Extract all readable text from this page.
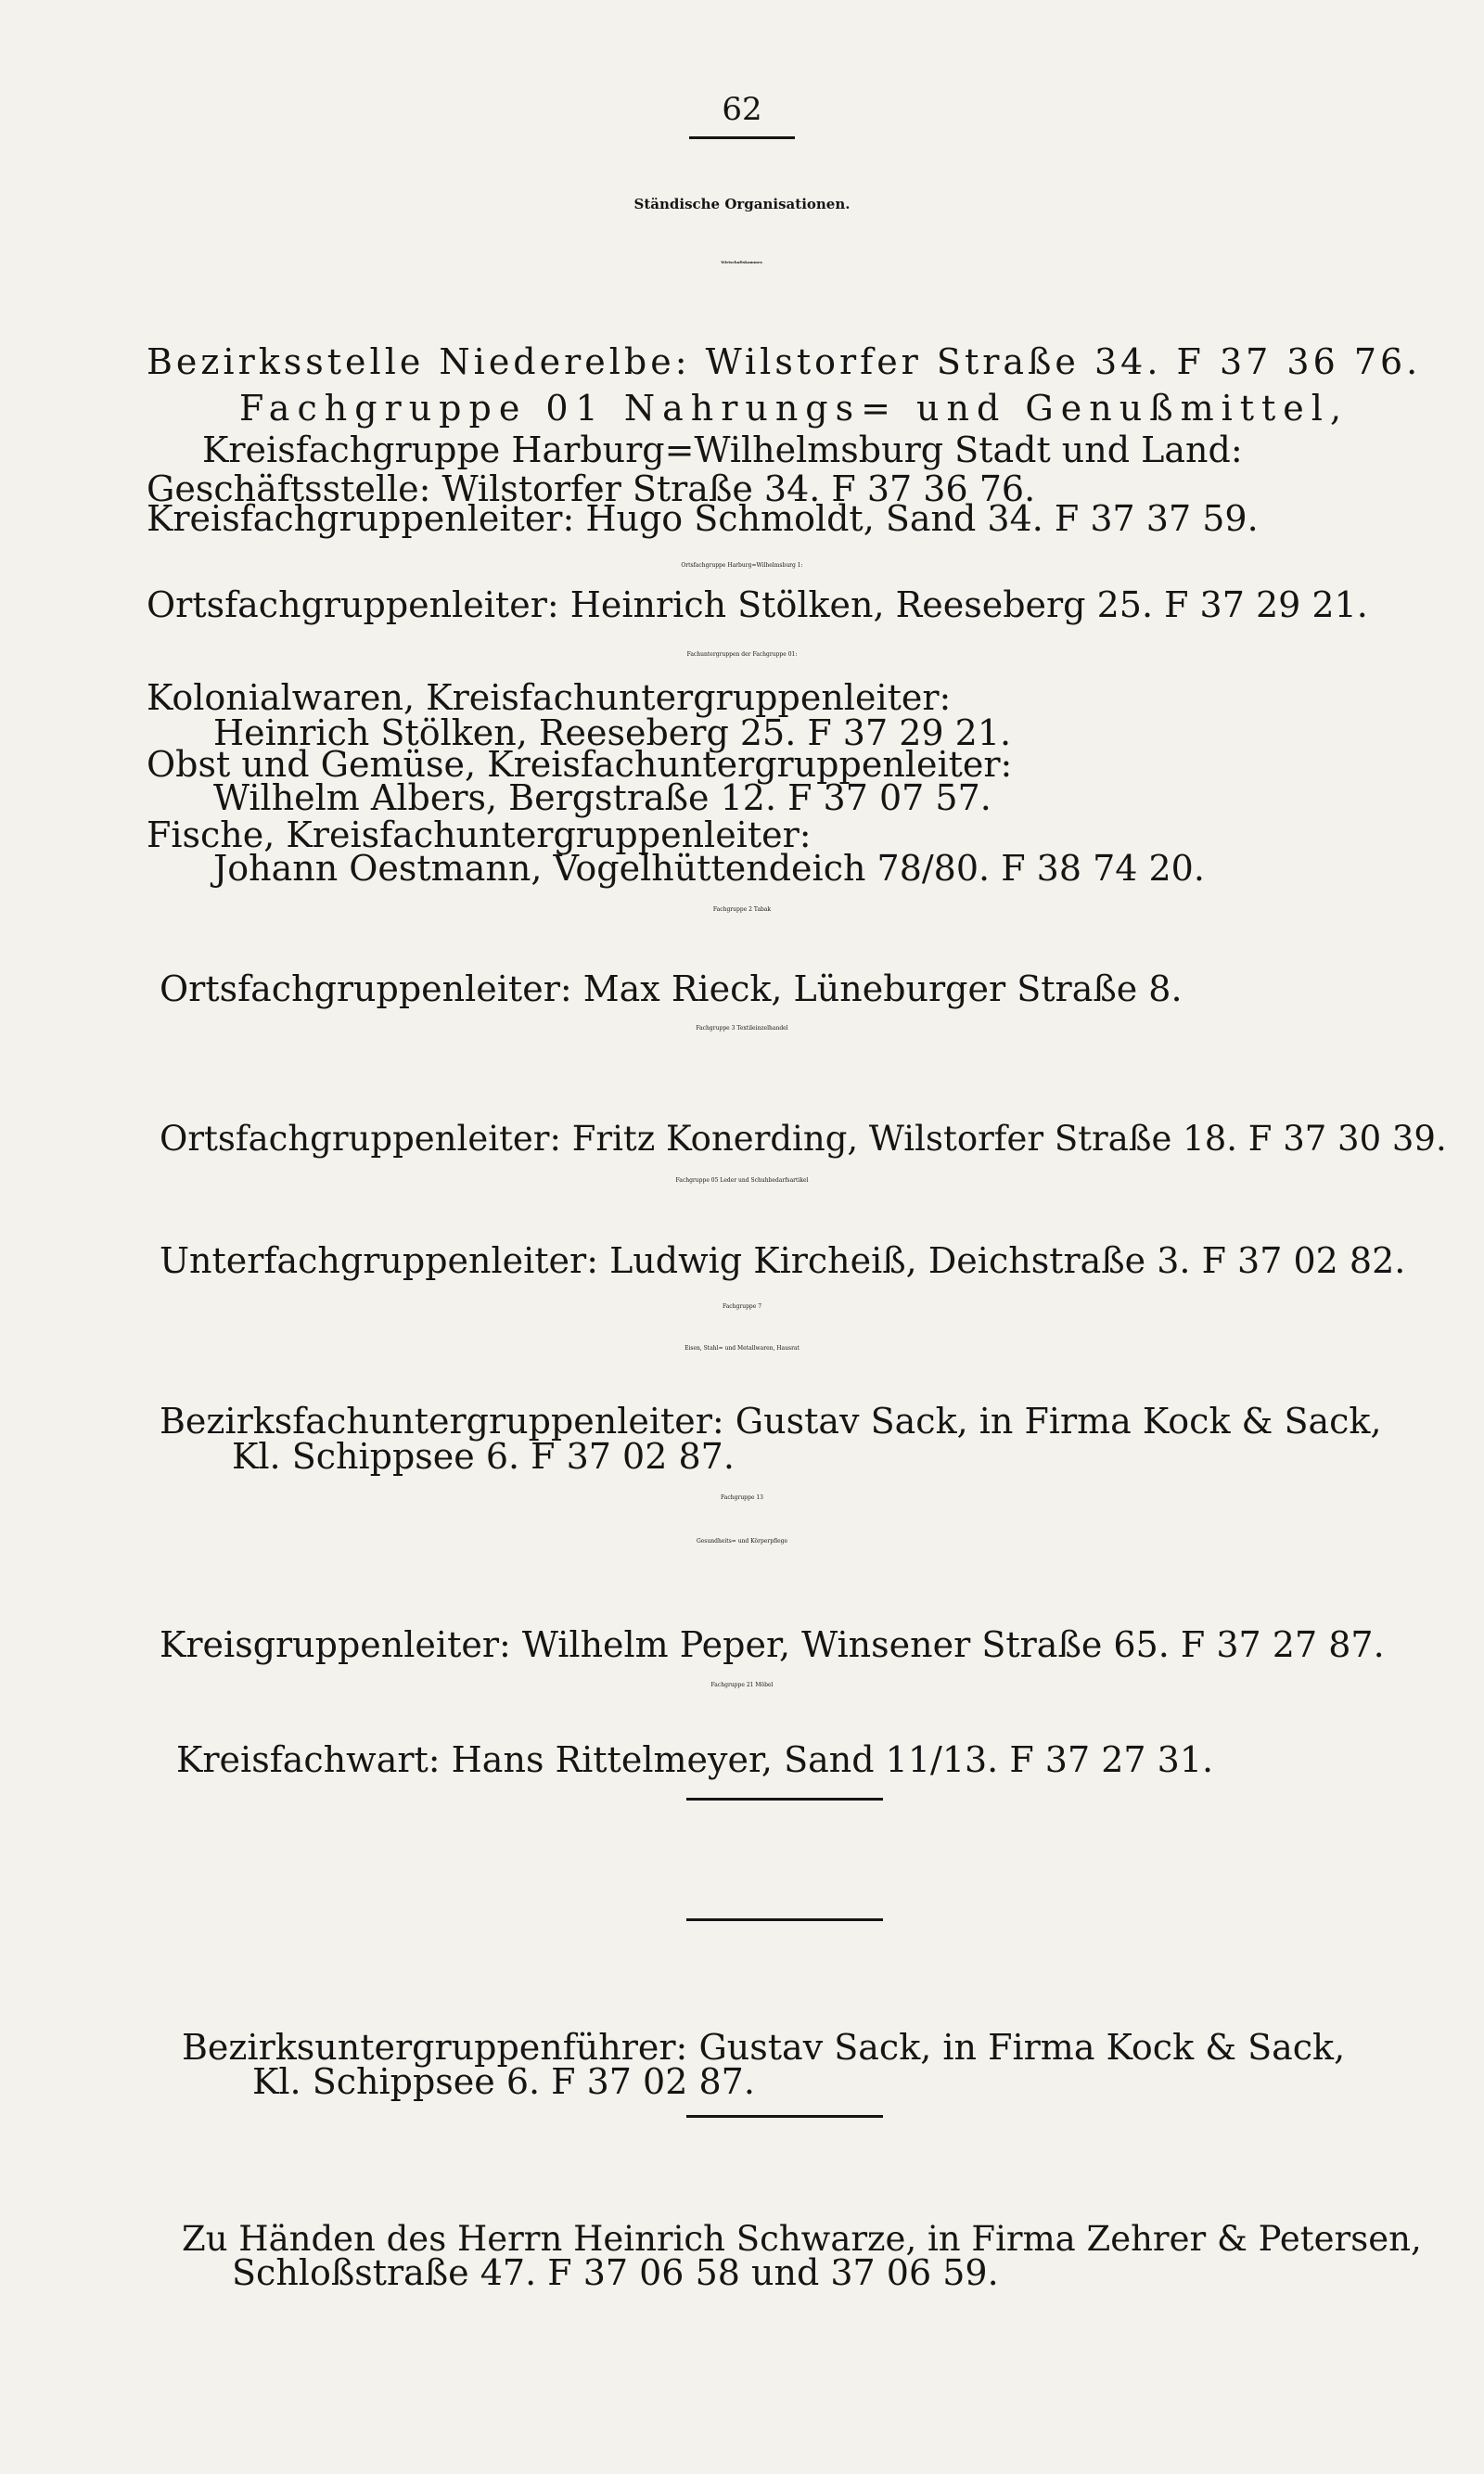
62
Ständische Organisationen.
Wirtschaftskammer.
Bezirksstelle Niederelbe: Wilstorfer Straße 34. F 37 36 76.
Fachgruppe 01 Nahrungs= und Genußmittel,
Kreisfachgruppe Harburg=Wilhelmsburg Stadt und Land:
Geschäftsstelle: Wilstorfer Straße 34. F 37 36 76.
Kreisfachgruppenleiter: Hugo Schmoldt, Sand 34. F 37 37 59.
Ortsfachgruppe Harburg=Wilhelmsburg 1:
Ortsfachgruppenleiter: Heinrich Stölken, Reeseberg 25. F 37 29 21.
Fachuntergruppen der Fachgruppe 01:
Kolonialwaren, Kreisfachuntergruppenleiter:
Heinrich Stölken, Reeseberg 25. F 37 29 21.
Obst und Gemüse, Kreisfachuntergruppenleiter:
Wilhelm Albers, Bergstraße 12. F 37 07 57.
Fische, Kreisfachuntergruppenleiter:
Johann Oestmann, Vogelhüttendeich 78/80. F 38 74 20.
Fachgruppe 2 Tabak
Ortsfachgruppenleiter: Max Rieck, Lüneburger Straße 8.
Fachgruppe 3 Textileinzelhandel
Ortsfachgruppenleiter: Fritz Konerding, Wilstorfer Straße 18. F 37 30 39.
Fachgruppe 05 Leder und Schuhbedarfsartikel
Unterfachgruppenleiter: Ludwig Kircheiß, Deichstraße 3. F 37 02 82.
Fachgruppe 7
Eisen, Stahl= und Metallwaren, Hausrat
Bezirksfachuntergruppenleiter: Gustav Sack, in Firma Kock & Sack,
Kl. Schippsee 6. F 37 02 87.
Fachgruppe 13
Gesundheits= und Körperpflege
Kreisgruppenleiter: Wilhelm Peper, Winsener Straße 65. F 37 27 87.
Fachgruppe 21 Möbel
Kreisfachwart: Hans Rittelmeyer, Sand 11/13. F 37 27 31.
Bezirksuntergruppenführer: Gustav Sack, in Firma Kock & Sack,
Kl. Schippsee 6. F 37 02 87.
Zu Händen des Herrn Heinrich Schwarze, in Firma Zehrer & Petersen,
Schloßstraße 47. F 37 06 58 und 37 06 59.
